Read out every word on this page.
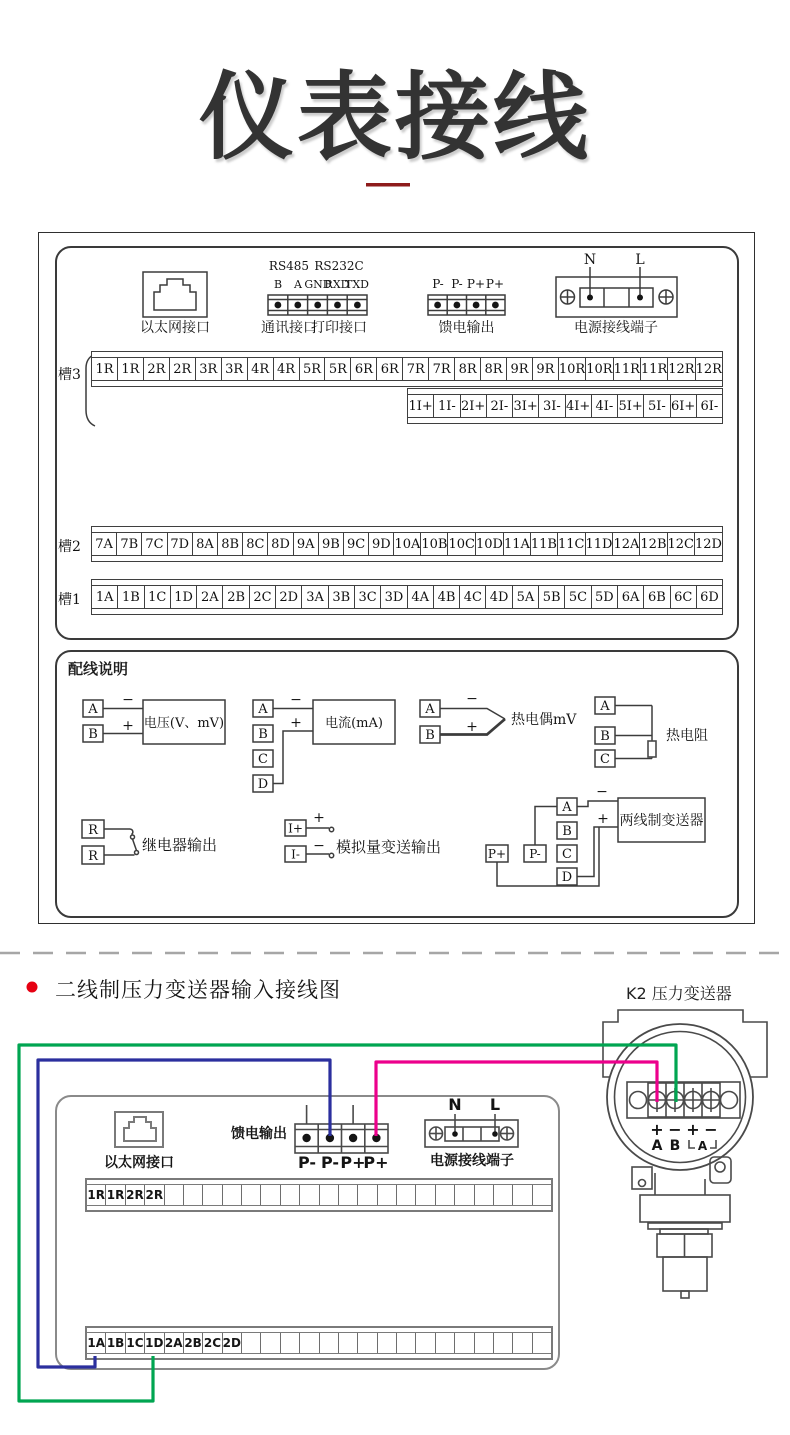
仪表接线
以太网接口
RS485 RS232C
B A GND
RXD
TXD
通讯接口
打印接口
P- P- P+ P+
馈电输出
N	L
电源接线端子
槽3 1R 1R 2R 2R 3R 3R 4R 4R 5R 5R 6R 6R 7R 7R 8R 8R 9R 9R 10R 10R 11R 11R 12R 12R
1I+ 1I- 2I+ 2I- 3I+ 3I- 4I+ 4I- 5I+ 5I- 6I+ 6I-
槽2 7A 7B 7C 7D 8A 8B 8C 8D 9A 9B 9C 9D 10A 10B 10C 10D 11A 11B 11C 11D 12A 12B 12C 12D
槽1 1A 1B 1C 1D 2A 2B 2C 2D 3A 3B 3C 3D 4A 4B 4C 4D 5A 5B 5C 5D 6A 6B 6C 6D
配线说明
A
B
−
+ 电压(V、mV)
A
B
C
D
−
+ 电流(mA)
A
B
−
+ 热电偶mV
A
B
C
热电阻
R
R
继电器输出
I+
I-
+
− 模拟量变送输出
A
B
C
D
P+ P-
−
+ 两线制变送器
二线制压力变送器输入接线图	K2 压力变送器
以太网接口
馈电输出
P- P- P+
P+
N L
电源接线端子
1R 1R 2R 2R
1A 1B 1C 1D 2A 2B 2C 2D
+ − + −
A B A
